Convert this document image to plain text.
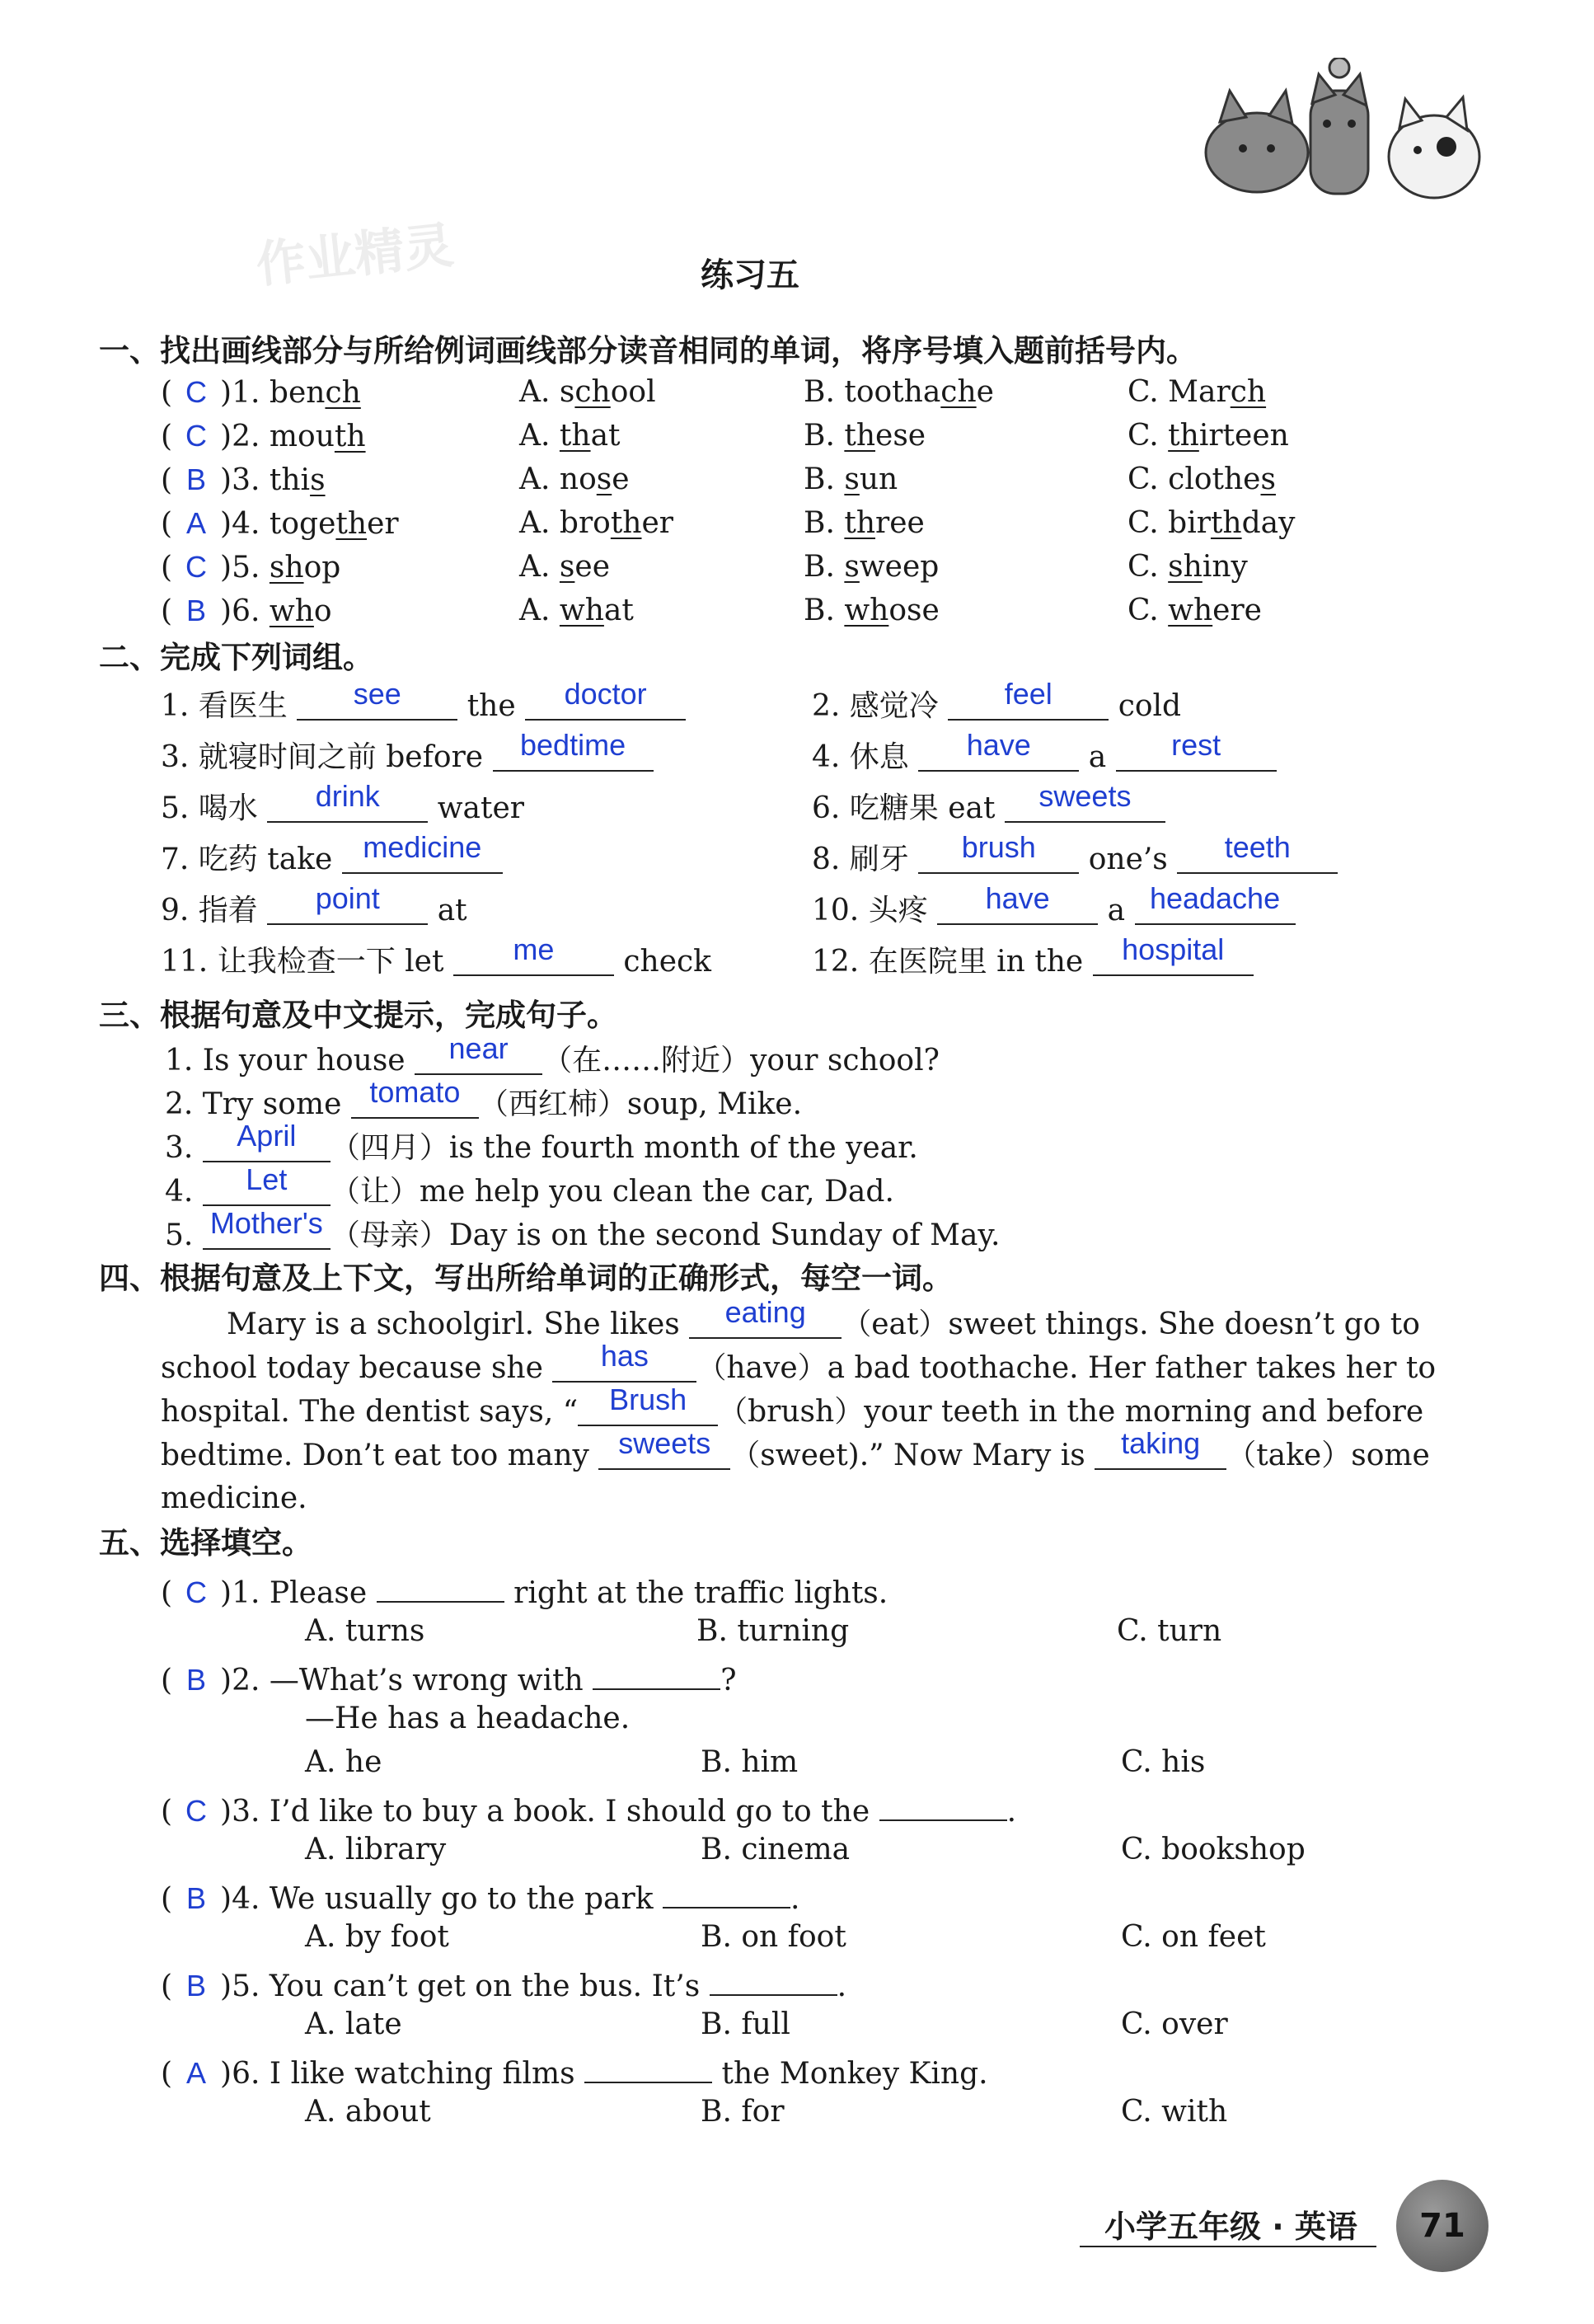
作业精灵	练习五
一、找出画线部分与所给例词画线部分读音相同的单词，将序号填入题前括号内。
( C )1. bench	A. school	B. toothache	C. March
( C )2. mouth	A. that	B. these	C. thirteen
( B )3. this	A. nose	B. sun	C. clothes
( A )4. together	A. brother	B. three	C. birthday
( C )5. shop	A. see	B. sweep	C. shiny
( B )6. who	A. what	B. whose	C. where
二、完成下列词组。
1. 看医生 see the doctor	2. 感觉冷 feel cold
3. 就寝时间之前 before bedtime	4. 休息 have a rest
5. 喝水 drink water	6. 吃糖果 eat sweets
7. 吃药 take medicine	8. 刷牙 brush one’s teeth
9. 指着 point at	10. 头疼 have a headache
11. 让我检查一下 let me check	12. 在医院里 in the hospital
三、根据句意及中文提示，完成句子。
1. Is your house near （在……附近）your school?
2. Try some tomato （西红柿）soup, Mike.
3. April （四月）is the fourth month of the year.
4. Let （让）me help you clean the car, Dad.
5. Mother's （母亲）Day is on the second Sunday of May.
四、根据句意及上下文，写出所给单词的正确形式，每空一词。
Mary is a schoolgirl. She likes eating （eat）sweet things. She doesn’t go to
school today because she has （have）a bad toothache. Her father takes her to
hospital. The dentist says, “ Brush （brush）your teeth in the morning and before
bedtime. Don’t eat too many sweets （sweet).” Now Mary is taking （take）some
medicine.
五、选择填空。
( C )1. Please	right at the traffic lights.
A. turns	B. turning	C. turn
( B )2. —What’s wrong with	?
—He has a headache.
A. he	B. him	C. his
( C )3. I’d like to buy a book. I should go to the	.
A. library	B. cinema	C. bookshop
( B )4. We usually go to the park	.
A. by foot	B. on foot	C. on feet
( B )5. You can’t get on the bus. It’s	.
A. late	B. full	C. over
( A )6. I like watching films	the Monkey King.
A. about	B. for	C. with
小学五年级 · 英语	71
